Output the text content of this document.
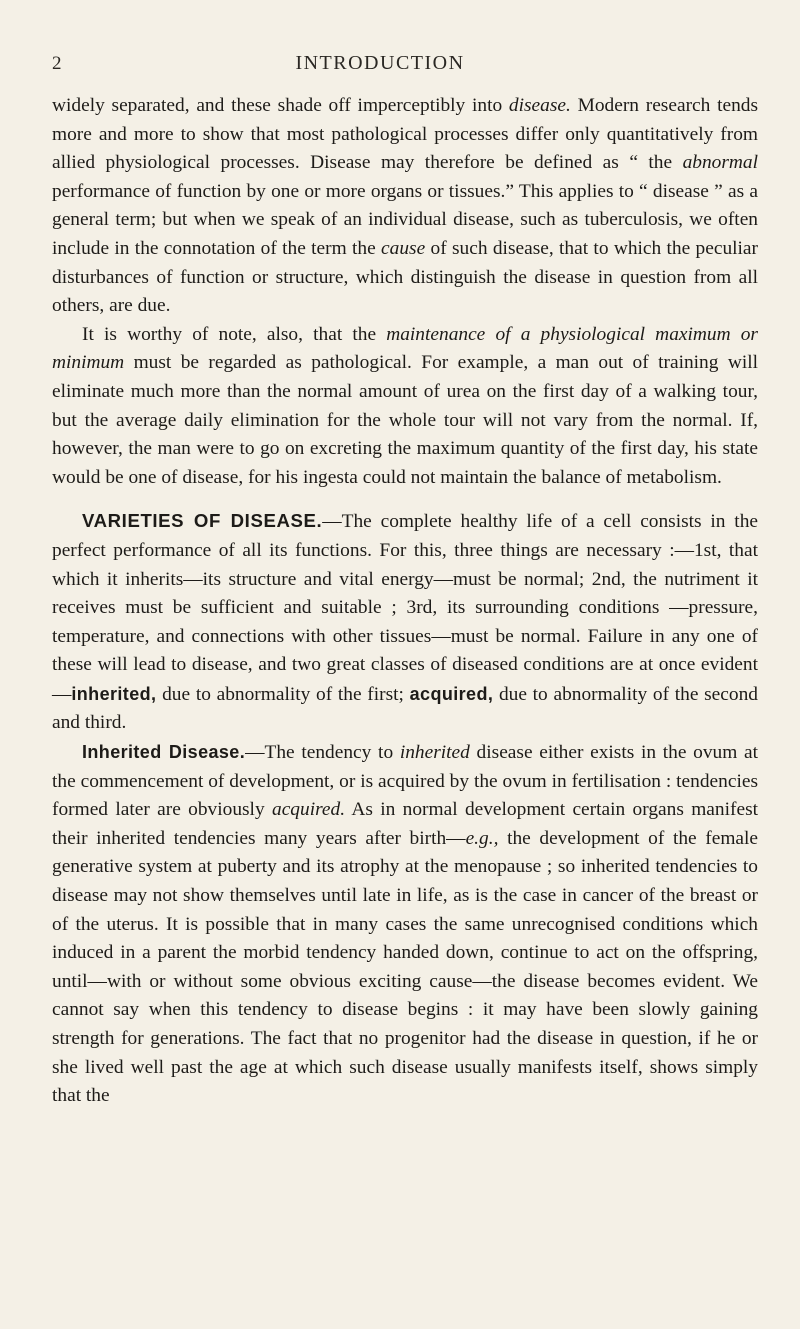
2	INTRODUCTION

widely separated, and these shade off imperceptibly into disease. Modern research tends more and more to show that most pathological processes differ only quantitatively from allied physiological processes. Disease may therefore be defined as “ the abnormal performance of function by one or more organs or tissues.” This applies to “ disease ” as a general term; but when we speak of an individual disease, such as tuberculosis, we often include in the connotation of the term the cause of such disease, that to which the peculiar disturbances of function or structure, which distinguish the disease in question from all others, are due.

It is worthy of note, also, that the maintenance of a physiological maximum or minimum must be regarded as pathological. For example, a man out of training will eliminate much more than the normal amount of urea on the first day of a walking tour, but the average daily elimination for the whole tour will not vary from the normal. If, however, the man were to go on excreting the maximum quantity of the first day, his state would be one of disease, for his ingesta could not maintain the balance of metabolism.

VARIETIES OF DISEASE.—The complete healthy life of a cell consists in the perfect performance of all its functions. For this, three things are necessary :—1st, that which it inherits—its structure and vital energy—must be normal; 2nd, the nutriment it receives must be sufficient and suitable ; 3rd, its surrounding conditions —pressure, temperature, and connections with other tissues—must be normal. Failure in any one of these will lead to disease, and two great classes of diseased conditions are at once evident—inherited, due to abnormality of the first; acquired, due to abnormality of the second and third.

Inherited Disease.—The tendency to inherited disease either exists in the ovum at the commencement of development, or is acquired by the ovum in fertilisation : tendencies formed later are obviously acquired. As in normal development certain organs manifest their inherited tendencies many years after birth—e.g., the development of the female generative system at puberty and its atrophy at the menopause ; so inherited tendencies to disease may not show themselves until late in life, as is the case in cancer of the breast or of the uterus. It is possible that in many cases the same unrecognised conditions which induced in a parent the morbid tendency handed down, continue to act on the offspring, until—with or without some obvious exciting cause—the disease becomes evident. We cannot say when this tendency to disease begins : it may have been slowly gaining strength for generations. The fact that no progenitor had the disease in question, if he or she lived well past the age at which such disease usually manifests itself, shows simply that the
